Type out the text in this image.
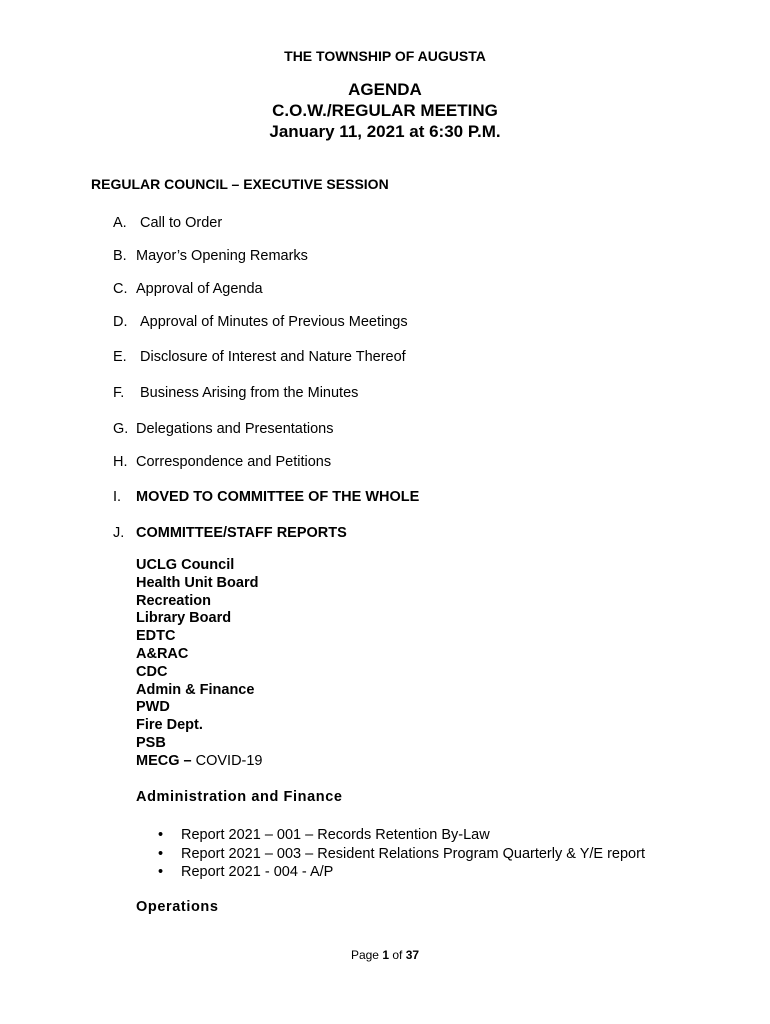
THE TOWNSHIP OF AUGUSTA
AGENDA
C.O.W./REGULAR MEETING
January 11, 2021 at 6:30 P.M.
REGULAR COUNCIL – EXECUTIVE SESSION
A. Call to Order
B. Mayor’s Opening Remarks
C. Approval of Agenda
D. Approval of Minutes of Previous Meetings
E. Disclosure of Interest and Nature Thereof
F. Business Arising from the Minutes
G. Delegations and Presentations
H. Correspondence and Petitions
I. MOVED TO COMMITTEE OF THE WHOLE
J. COMMITTEE/STAFF REPORTS
UCLG Council
Health Unit Board
Recreation
Library Board
EDTC
A&RAC
CDC
Admin & Finance
PWD
Fire Dept.
PSB
MECG – COVID-19
Administration and Finance
• Report 2021 – 001 – Records Retention By-Law
• Report 2021 – 003 – Resident Relations Program Quarterly & Y/E report
• Report 2021 - 004 - A/P
Operations
Page 1 of 37
